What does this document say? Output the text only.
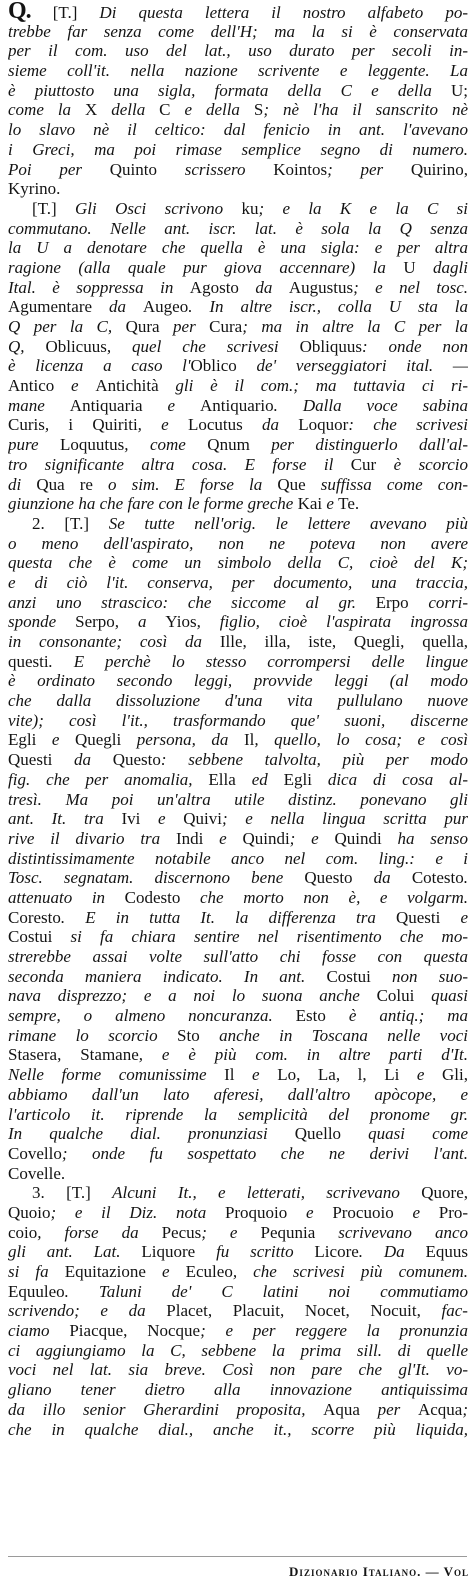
Q. [T.] Di questa lettera il nostro alfabeto po-
trebbe far senza come dell'H; ma la si è conservata
per il com. uso del lat., uso durato per secoli in-
sieme coll'it. nella nazione scrivente e leggente. La
è piuttosto una sigla, formata della C e della U;
come la X della C e della S; nè l'ha il sanscrito nè
lo slavo nè il celtico: dal fenicio in ant. l'avevano
i Greci, ma poi rimase semplice segno di numero.
Poi per Quinto scrissero Kointos; per Quirino,
Kyrino.
[T.] Gli Osci scrivono ku; e la K e la C si
commutano. Nelle ant. iscr. lat. è sola la Q senza
la U a denotare che quella è una sigla: e per altra
ragione (alla quale pur giova accennare) la U dagli
Ital. è soppressa in Agosto da Augustus; e nel tosc.
Agumentare da Augeo. In altre iscr., colla U sta la
Q per la C, Qura per Cura; ma in altre la C per la
Q, Oblicuus, quel che scrivesi Obliquus: onde non
è licenza a caso l'Oblico de' verseggiatori ital. —
Antico e Antichità gli è il com.; ma tuttavia ci ri-
mane Antiquaria e Antiquario. Dalla voce sabina
Curis, i Quiriti, e Locutus da Loquor: che scrivesi
pure Loquutus, come Qnum per distinguerlo dall'al-
tro significante altra cosa. E forse il Cur è scorcio
di Qua re o sim. E forse la Que suffissa come con-
giunzione ha che fare con le forme greche Kai e Te.
2. [T.] Se tutte nell'orig. le lettere avevano più
o meno dell'aspirato, non ne poteva non avere
questa che è come un simbolo della C, cioè del K;
e di ciò l'it. conserva, per documento, una traccia,
anzi uno strascico: che siccome al gr. Erpo corri-
sponde Serpo, a Yios, figlio, cioè l'aspirata ingrossa
in consonante; così da Ille, illa, iste, Quegli, quella,
questi. E perchè lo stesso corrompersi delle lingue
è ordinato secondo leggi, provvide leggi (al modo
che dalla dissoluzione d'una vita pullulano nuove
vite); così l'it., trasformando que' suoni, discerne
Egli e Quegli persona, da Il, quello, lo cosa; e così
Questi da Questo: sebbene talvolta, più per modo
fig. che per anomalia, Ella ed Egli dica di cosa al-
tresì. Ma poi un'altra utile distinz. ponevano gli
ant. It. tra Ivi e Quivi; e nella lingua scritta pur
rive il divario tra Indi e Quindi; e Quindi ha senso
distintissimamente notabile anco nel com. ling.: e i
Tosc. segnatam. discernono bene Questo da Cotesto.
attenuato in Codesto che morto non è, e volgarm.
Coresto. E in tutta It. la differenza tra Questi e
Costui si fa chiara sentire nel risentimento che mo-
strerebbe assai volte sull'atto chi fosse con questa
seconda maniera indicato. In ant. Costui non suo-
nava disprezzo; e a noi lo suona anche Colui quasi
sempre, o almeno noncuranza. Esto è antiq.; ma
rimane lo scorcio Sto anche in Toscana nelle voci
Stasera, Stamane, e è più com. in altre parti d'It.
Nelle forme comunissime Il e Lo, La, l, Li e Gli,
abbiamo dall'un lato aferesi, dall'altro apòcope, e
l'articolo it. riprende la semplicità del pronome gr.
In qualche dial. pronunziasi Quello quasi come
Covello; onde fu sospettato che ne derivi l'ant.
Covelle.
3. [T.] Alcuni It., e letterati, scrivevano Quore,
Quoio; e il Diz. nota Proquoio e Procuoio e Pro-
coio, forse da Pecus; e Pequnia scrivevano anco
gli ant. Lat. Liquore fu scritto Licore. Da Equus
si fa Equitazione e Eculeo, che scrivesi più comunem.
Equuleo. Taluni de' C latini noi commutiamo
scrivendo; e da Placet, Placuit, Nocet, Nocuit, fac-
ciamo Piacque, Nocque; e per reggere la pronunzia
ci aggiungiamo la C, sebbene la prima sill. di quelle
voci nel lat. sia breve. Così non pare che gl'It. vo-
gliano tener dietro alla innovazione antiquissima
da illo senior Gherardini proposita, Aqua per Acqua;
che in qualche dial., anche it., scorre più liquida,
Dizionario Italiano. — Vol
